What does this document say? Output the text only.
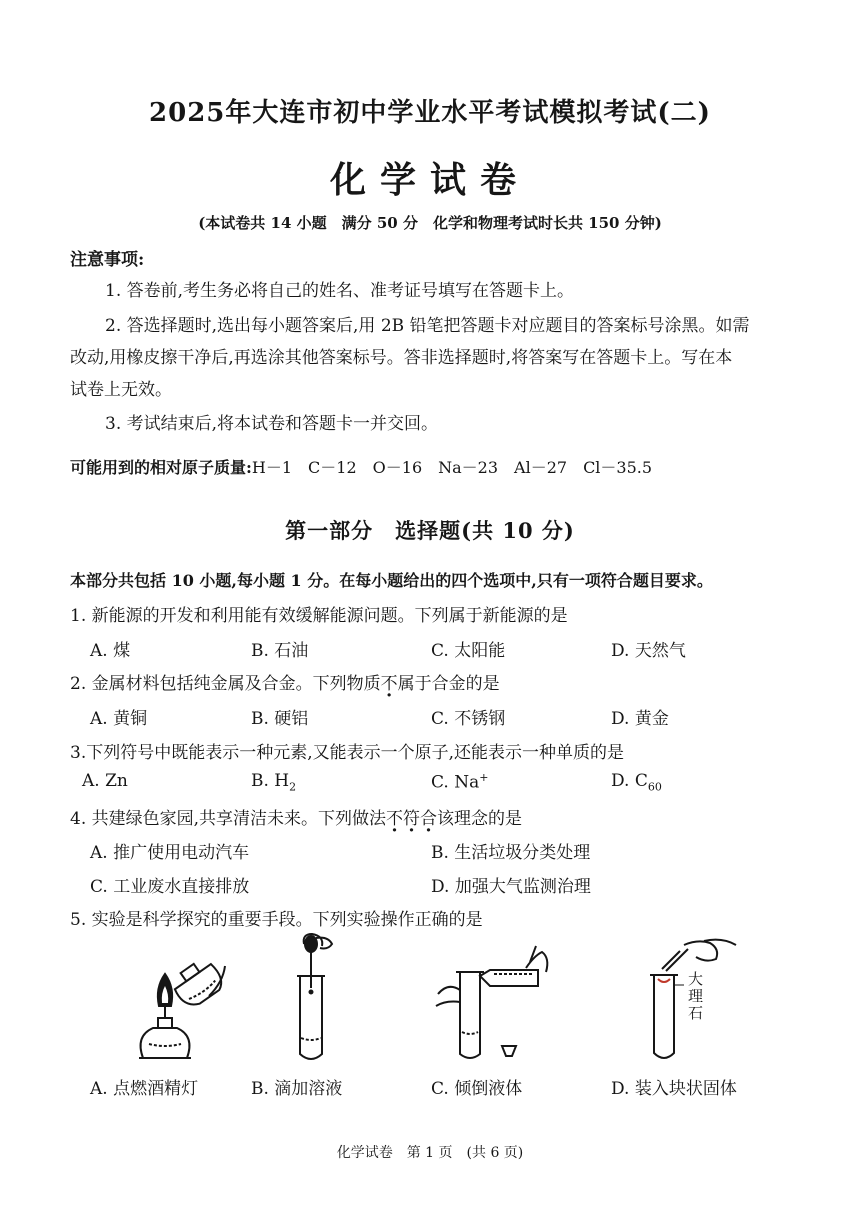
2025年大连市初中学业水平考试模拟考试(二)
化学试卷
(本试卷共 14 小题　满分 50 分　化学和物理考试时长共 150 分钟)
注意事项:
1. 答卷前,考生务必将自己的姓名、准考证号填写在答题卡上。
2. 答选择题时,选出每小题答案后,用 2B 铅笔把答题卡对应题目的答案标号涂黑。如需
改动,用橡皮擦干净后,再选涂其他答案标号。答非选择题时,将答案写在答题卡上。写在本
试卷上无效。
3. 考试结束后,将本试卷和答题卡一并交回。
可能用到的相对原子质量:H－1　C－12　O－16　Na－23　Al－27　Cl－35.5
第一部分　选择题(共 10 分)
本部分共包括 10 小题,每小题 1 分。在每小题给出的四个选项中,只有一项符合题目要求。
1. 新能源的开发和利用能有效缓解能源问题。下列属于新能源的是
A. 煤	B. 石油	C. 太阳能	D. 天然气
2. 金属材料包括纯金属及合金。下列物质不属于合金的是
A. 黄铜	B. 硬铝	C. 不锈钢	D. 黄金
3.下列符号中既能表示一种元素,又能表示一个原子,还能表示一种单质的是
A. Zn	B. $H_2$	C. Na+	D. $C_{60}$
4. 共建绿色家园,共享清洁未来。下列做法不符合该理念的是
A. 推广使用电动汽车	B. 生活垃圾分类处理
C. 工业废水直接排放	D. 加强大气监测治理
5. 实验是科学探究的重要手段。下列实验操作正确的是
大
理
石
A. 点燃酒精灯	B. 滴加溶液	C. 倾倒液体	D. 装入块状固体
化学试卷　第 1 页　(共 6 页)
